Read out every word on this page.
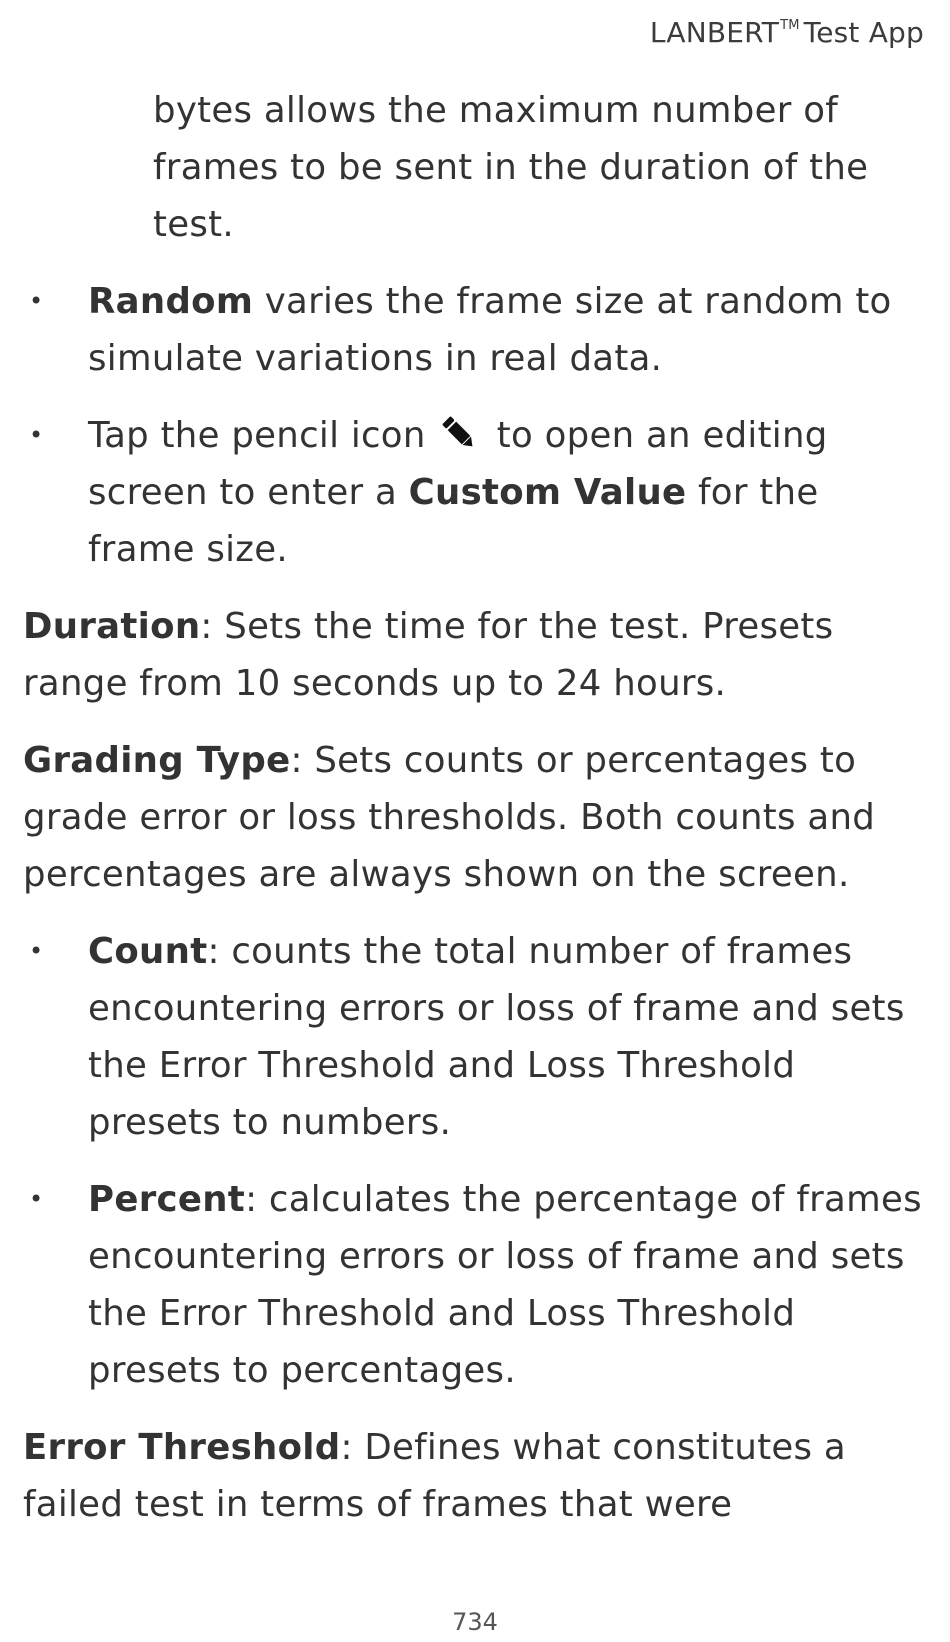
LANBERT™ Test App

bytes allows the maximum number of frames to be sent in the duration of the test.

• Random varies the frame size at random to simulate variations in real data.
• Tap the pencil icon  to open an editing screen to enter a Custom Value for the frame size.

Duration: Sets the time for the test. Presets range from 10 seconds up to 24 hours.

Grading Type: Sets counts or percentages to grade error or loss thresholds. Both counts and percentages are always shown on the screen.

• Count: counts the total number of frames encountering errors or loss of frame and sets the Error Threshold and Loss Threshold presets to numbers.
• Percent: calculates the percentage of frames encountering errors or loss of frame and sets the Error Threshold and Loss Threshold presets to percentages.

Error Threshold: Defines what constitutes a failed test in terms of frames that were

734
